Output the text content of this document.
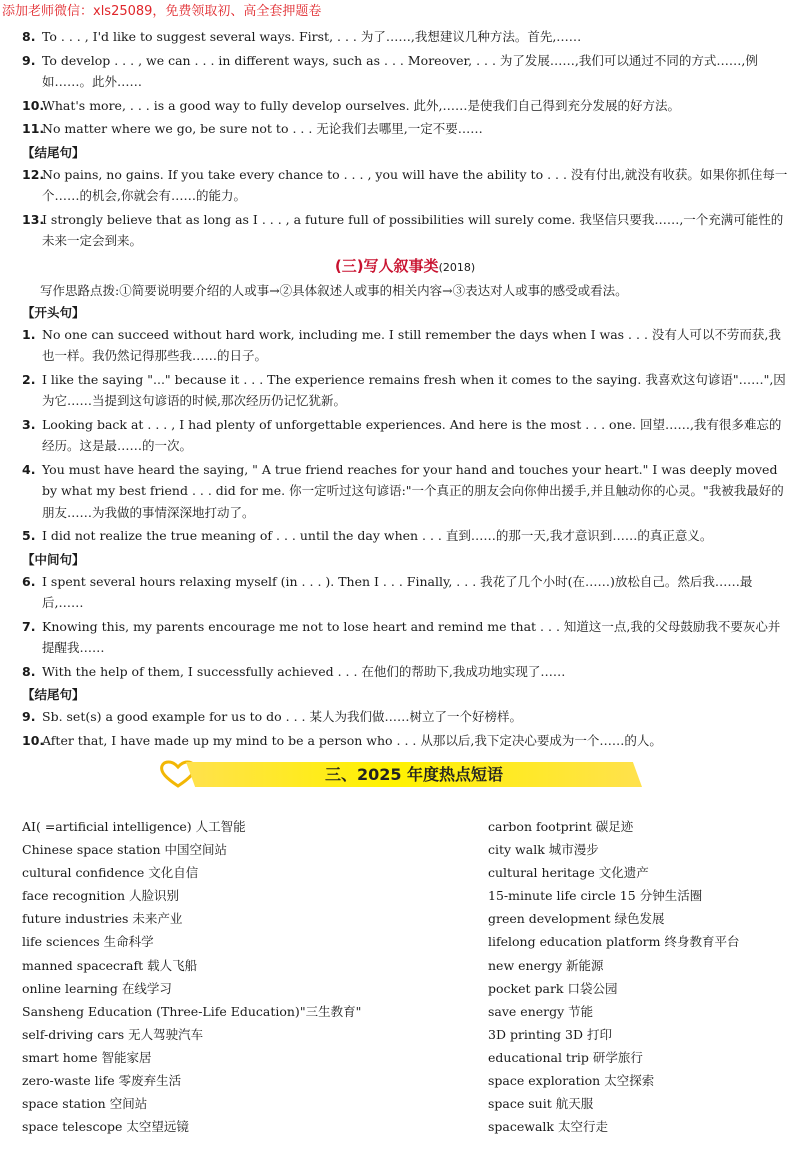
添加老师微信：xls25089，免费领取初、高全套押题卷
8. To . . . , I'd like to suggest several ways. First, . . . 为了……,我想建议几种方法。首先,……
9. To develop . . . , we can . . . in different ways, such as . . . Moreover, . . . 为了发展……,我们可以通过不同的方式……,例如……。此外……
10.
What's more, . . . is a good way to fully develop ourselves. 此外,……是使我们自己得到充分发展的好方法。
11.
No matter where we go, be sure not to . . . 无论我们去哪里,一定不要……
【结尾句】
12.
No pains, no gains. If you take every chance to . . . , you will have the ability to . . . 没有付出,就没有收获。如果你抓住每一个……的机会,你就会有……的能力。
13.
I strongly believe that as long as I . . . , a future full of possibilities will surely come. 我坚信只要我……,一个充满可能性的未来一定会到来。
(三)写人叙事类(2018)
写作思路点拨:①简要说明要介绍的人或事→②具体叙述人或事的相关内容→③表达对人或事的感受或看法。
【开头句】
1. No one can succeed without hard work, including me. I still remember the days when I was . . . 没有人可以不劳而获,我也一样。我仍然记得那些我……的日子。
2. I like the saying "..." because it . . . The experience remains fresh when it comes to the saying. 我喜欢这句谚语"……",因为它……当提到这句谚语的时候,那次经历仍记忆犹新。
3. Looking back at . . . , I had plenty of unforgettable experiences. And here is the most . . . one. 回望……,我有很多难忘的经历。这是最……的一次。
4. You must have heard the saying, " A true friend reaches for your hand and touches your heart." I was deeply moved by what my best friend . . . did for me. 你一定听过这句谚语:"一个真正的朋友会向你伸出援手,并且触动你的心灵。"我被我最好的朋友……为我做的事情深深地打动了。
5. I did not realize the true meaning of . . . until the day when . . . 直到……的那一天,我才意识到……的真正意义。
【中间句】
6. I spent several hours relaxing myself (in . . . ). Then I . . . Finally, . . . 我花了几个小时(在……)放松自己。然后我……最后,……
7. Knowing this, my parents encourage me not to lose heart and remind me that . . . 知道这一点,我的父母鼓励我不要灰心并提醒我……
8. With the help of them, I successfully achieved . . . 在他们的帮助下,我成功地实现了……
【结尾句】
9. Sb. set(s) a good example for us to do . . . 某人为我们做……树立了一个好榜样。
10.
After that, I have made up my mind to be a person who . . . 从那以后,我下定决心要成为一个……的人。
三、2025 年度热点短语
AI( =artificial intelligence) 人工智能
Chinese space station 中国空间站
cultural confidence 文化自信
face recognition 人脸识别
future industries 未来产业
life sciences 生命科学
manned spacecraft 载人飞船
online learning 在线学习
Sansheng Education (Three-Life Education)"三生教育"
self-driving cars 无人驾驶汽车
smart home 智能家居
zero-waste life 零废弃生活
space station 空间站
space telescope 太空望远镜
carbon footprint 碳足迹
city walk 城市漫步
cultural heritage 文化遗产
15-minute life circle 15 分钟生活圈
green development 绿色发展
lifelong education platform 终身教育平台
new energy 新能源
pocket park 口袋公园
save energy 节能
3D printing 3D 打印
educational trip 研学旅行
space exploration 太空探索
space suit 航天服
spacewalk 太空行走
